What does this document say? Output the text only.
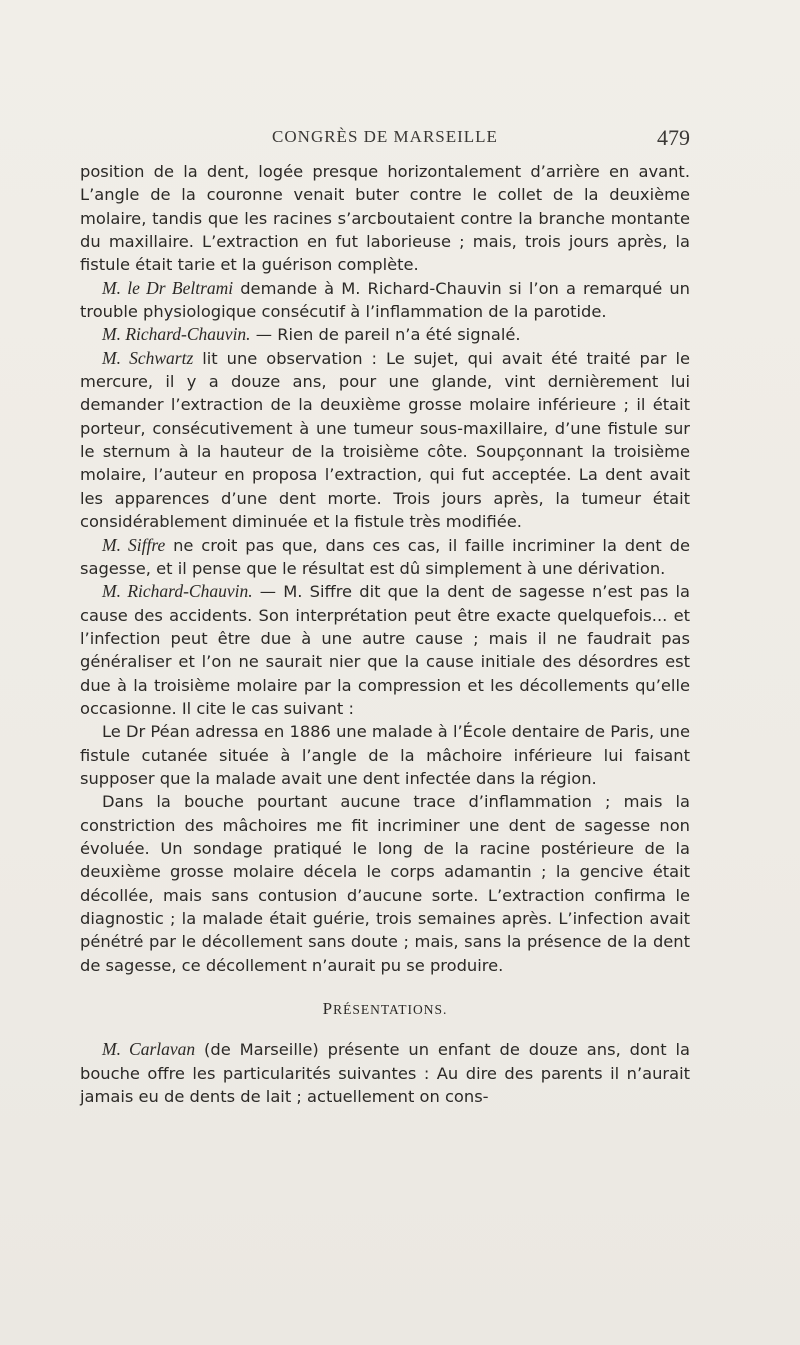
CONGRÈS DE MARSEILLE	479

position de la dent, logée presque horizontalement d’arrière en avant. L’angle de la couronne venait buter contre le collet de la deuxième molaire, tandis que les racines s’arcboutaient contre la branche montante du maxillaire. L’extraction en fut laborieuse ; mais, trois jours après, la fistule était tarie et la guérison complète.

M. le Dr Beltrami demande à M. Richard-Chauvin si l’on a remarqué un trouble physiologique consécutif à l’inflammation de la parotide.

M. Richard-Chauvin. — Rien de pareil n’a été signalé.

M. Schwartz lit une observation : Le sujet, qui avait été traité par le mercure, il y a douze ans, pour une glande, vint dernièrement lui demander l’extraction de la deuxième grosse molaire inférieure ; il était porteur, consécutivement à une tumeur sous-maxillaire, d’une fistule sur le sternum à la hauteur de la troisième côte. Soupçonnant la troisième molaire, l’auteur en proposa l’extraction, qui fut acceptée. La dent avait les apparences d’une dent morte. Trois jours après, la tumeur était considérablement diminuée et la fistule très modifiée.

M. Siffre ne croit pas que, dans ces cas, il faille incriminer la dent de sagesse, et il pense que le résultat est dû simplement à une dérivation.

M. Richard-Chauvin. — M. Siffre dit que la dent de sagesse n’est pas la cause des accidents. Son interprétation peut être exacte quelquefois... et l’infection peut être due à une autre cause ; mais il ne faudrait pas généraliser et l’on ne saurait nier que la cause initiale des désordres est due à la troisième molaire par la compression et les décollements qu’elle occasionne. Il cite le cas suivant :

Le Dr Péan adressa en 1886 une malade à l’École dentaire de Paris, une fistule cutanée située à l’angle de la mâchoire inférieure lui faisant supposer que la malade avait une dent infectée dans la région.

Dans la bouche pourtant aucune trace d’inflammation ; mais la constriction des mâchoires me fit incriminer une dent de sagesse non évoluée. Un sondage pratiqué le long de la racine postérieure de la deuxième grosse molaire décela le corps adamantin ; la gencive était décollée, mais sans contusion d’aucune sorte. L’extraction confirma le diagnostic ; la malade était guérie, trois semaines après. L’infection avait pénétré par le décollement sans doute ; mais, sans la présence de la dent de sagesse, ce décollement n’aurait pu se produire.

PRÉSENTATIONS.

M. Carlavan (de Marseille) présente un enfant de douze ans, dont la bouche offre les particularités suivantes : Au dire des parents il n’aurait jamais eu de dents de lait ; actuellement on cons-
